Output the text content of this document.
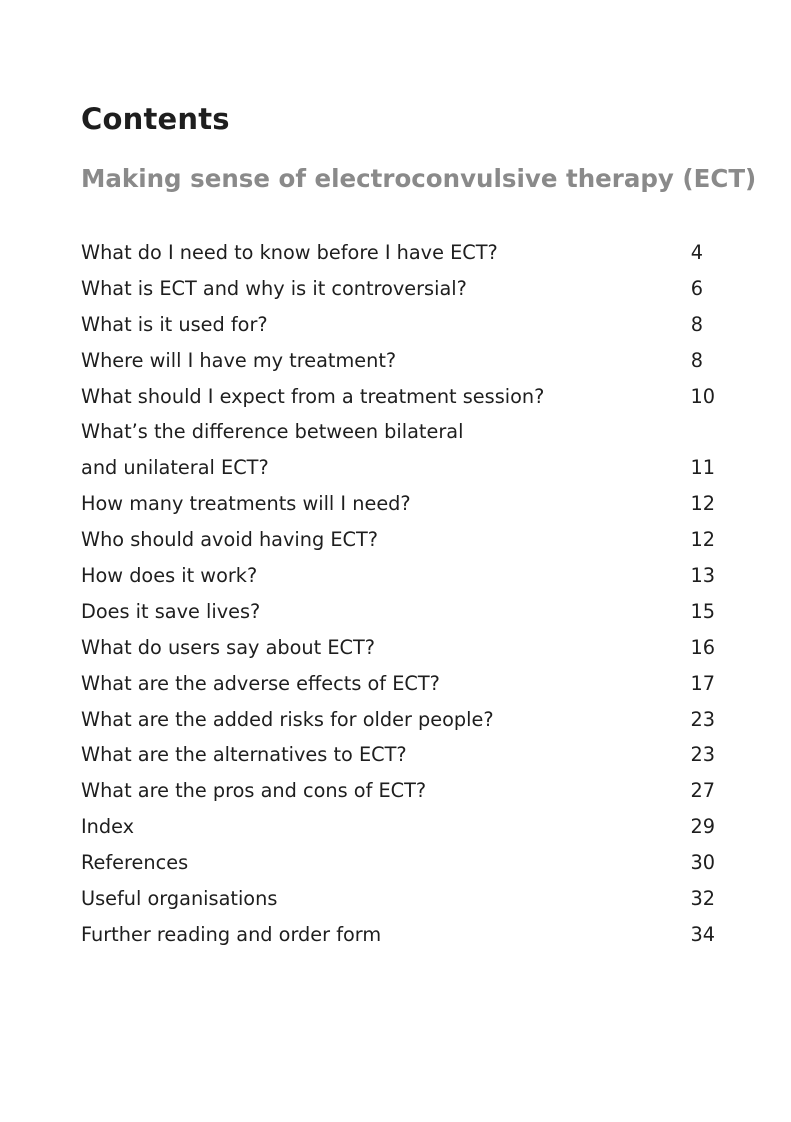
Contents
Making sense of electroconvulsive therapy (ECT)
What do I need to know before I have ECT?	4
What is ECT and why is it controversial?	6
What is it used for?	8
Where will I have my treatment?	8
What should I expect from a treatment session?	10
What’s the difference between bilateral
and unilateral ECT?	11
How many treatments will I need?	12
Who should avoid having ECT?	12
How does it work?	13
Does it save lives?	15
What do users say about ECT?	16
What are the adverse effects of ECT?	17
What are the added risks for older people?	23
What are the alternatives to ECT?	23
What are the pros and cons of ECT?	27
Index	29
References	30
Useful organisations	32
Further reading and order form	34
